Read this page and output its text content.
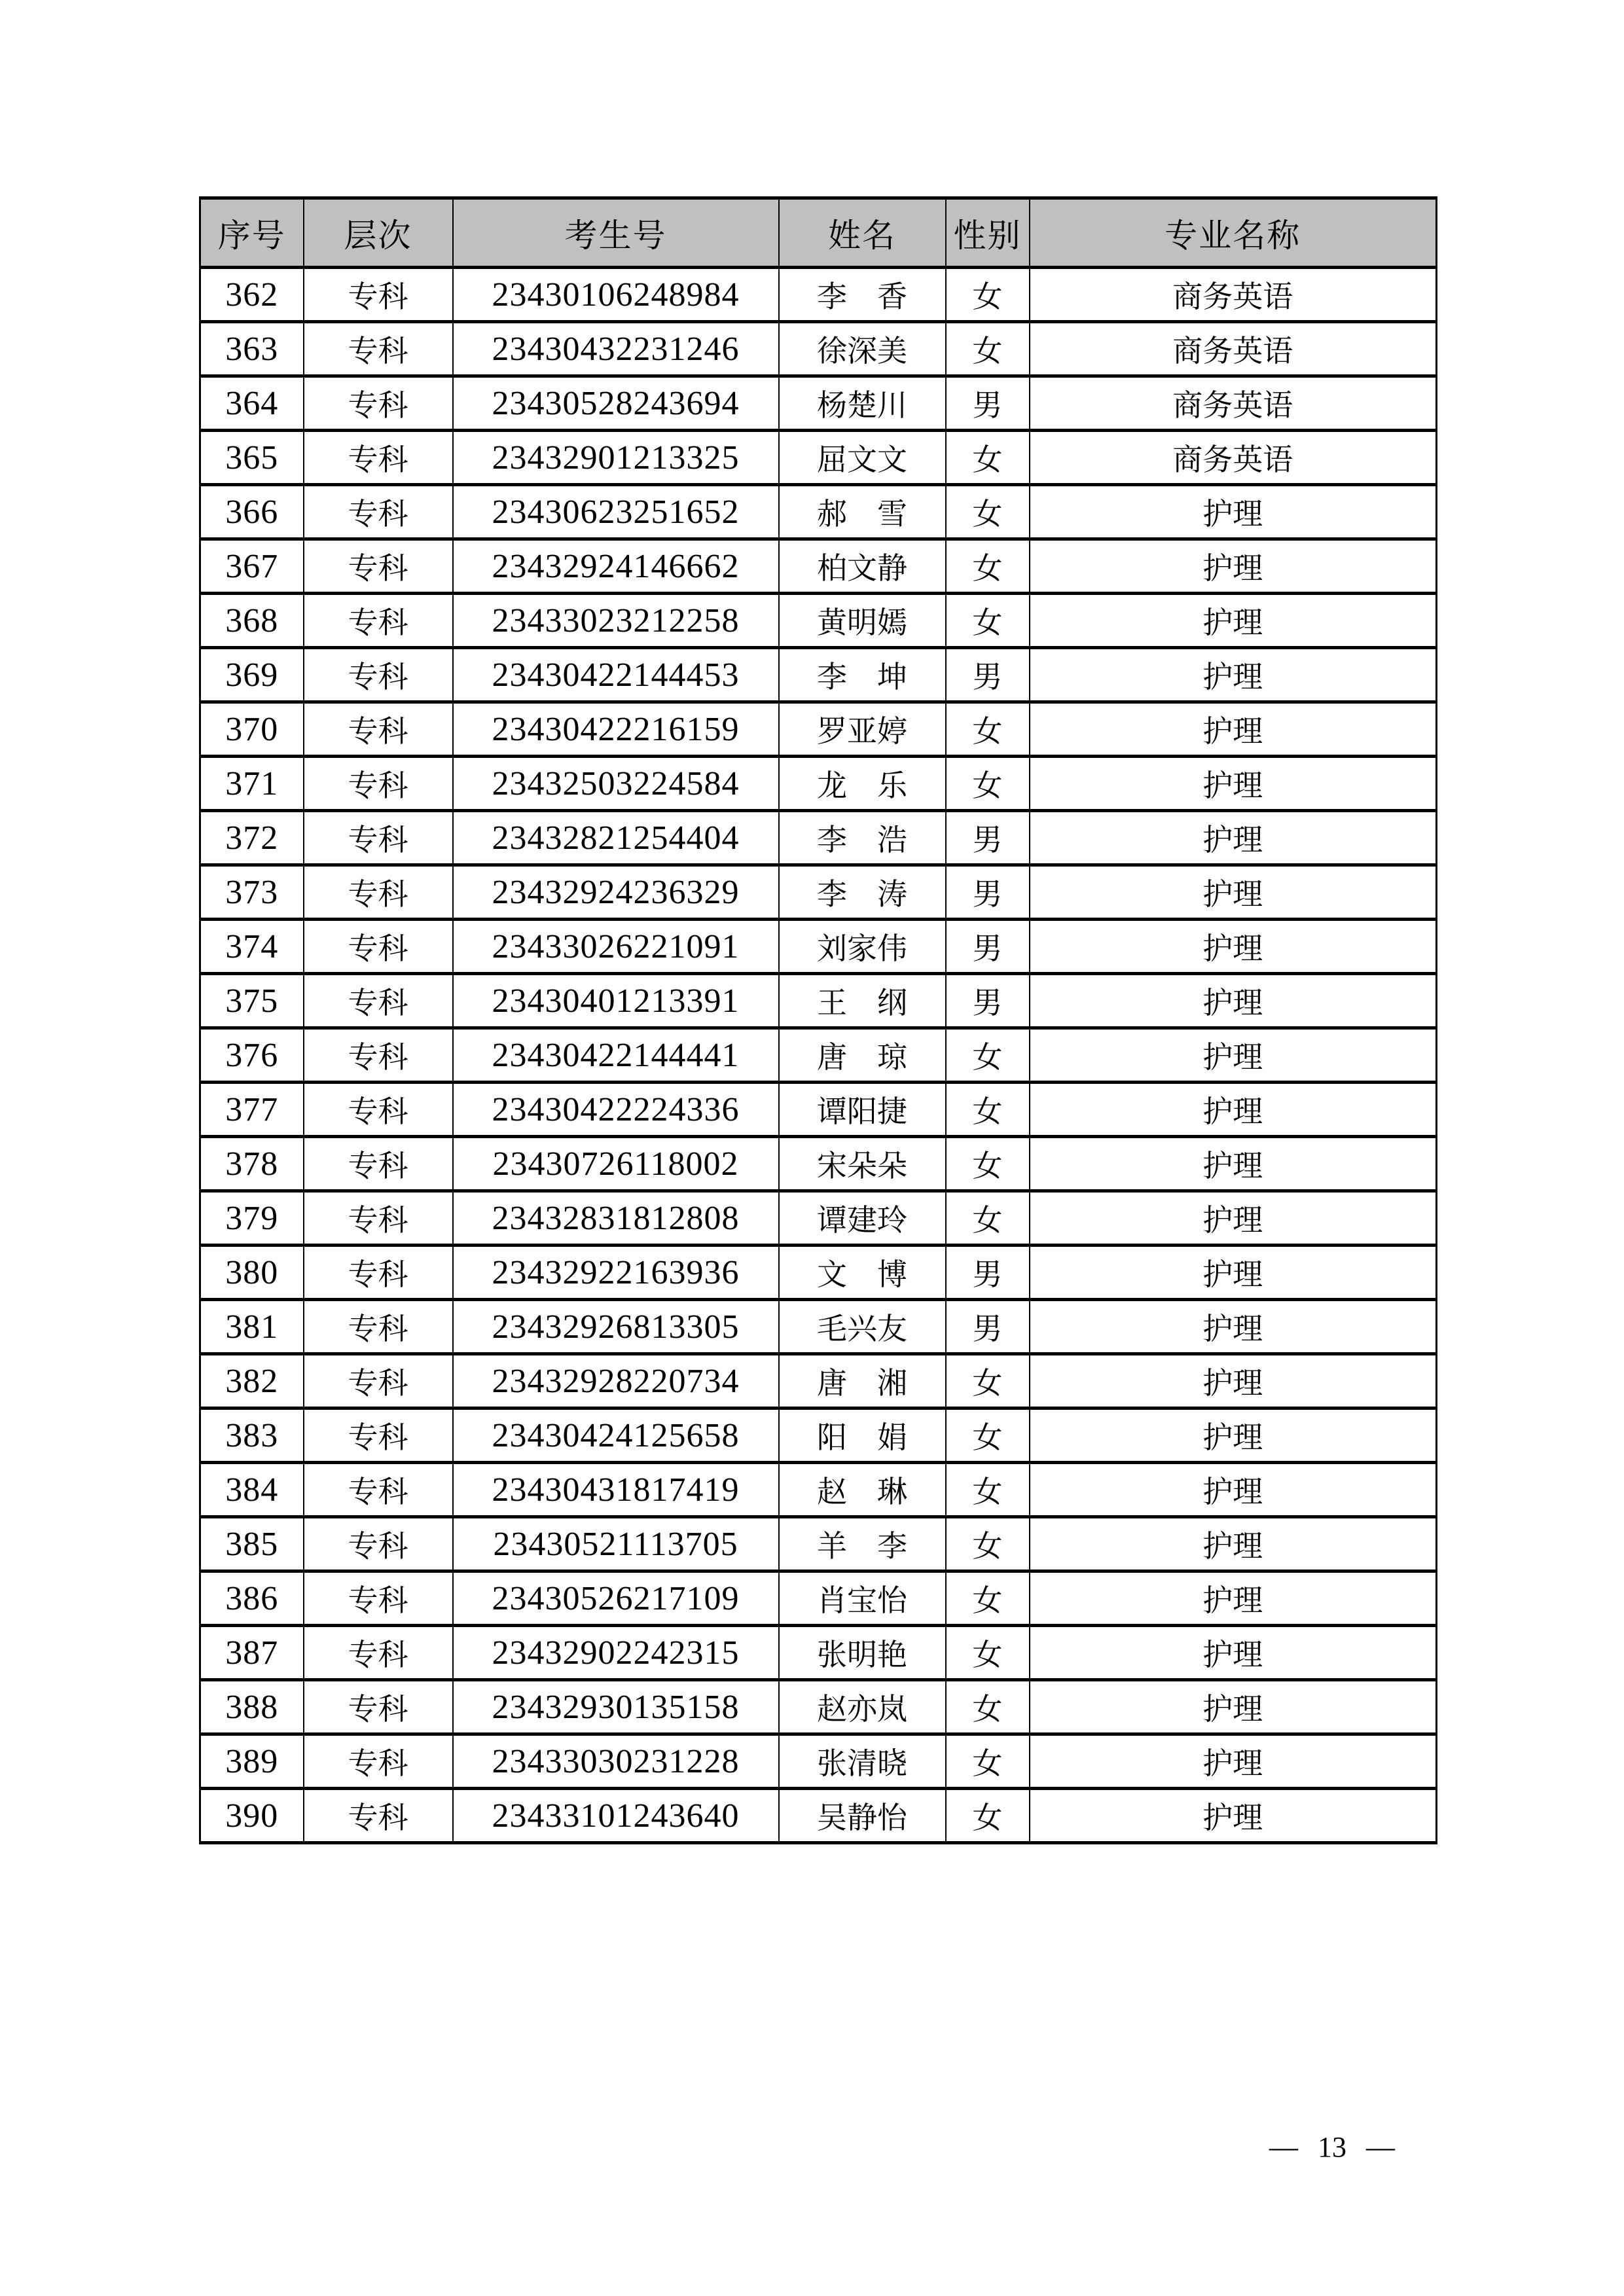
序号	层次	考生号	姓名	性别	专业名称
362	专科	23430106248984	李　香	女	商务英语
363	专科	23430432231246	徐深美	女	商务英语
364	专科	23430528243694	杨楚川	男	商务英语
365	专科	23432901213325	屈文文	女	商务英语
366	专科	23430623251652	郝　雪	女	护理
367	专科	23432924146662	柏文静	女	护理
368	专科	23433023212258	黄明嫣	女	护理
369	专科	23430422144453	李　坤	男	护理
370	专科	23430422216159	罗亚婷	女	护理
371	专科	23432503224584	龙　乐	女	护理
372	专科	23432821254404	李　浩	男	护理
373	专科	23432924236329	李　涛	男	护理
374	专科	23433026221091	刘家伟	男	护理
375	专科	23430401213391	王　纲	男	护理
376	专科	23430422144441	唐　琼	女	护理
377	专科	23430422224336	谭阳捷	女	护理
378	专科	23430726118002	宋朵朵	女	护理
379	专科	23432831812808	谭建玲	女	护理
380	专科	23432922163936	文　博	男	护理
381	专科	23432926813305	毛兴友	男	护理
382	专科	23432928220734	唐　湘	女	护理
383	专科	23430424125658	阳　娟	女	护理
384	专科	23430431817419	赵　琳	女	护理
385	专科	23430521113705	羊　李	女	护理
386	专科	23430526217109	肖宝怡	女	护理
387	专科	23432902242315	张明艳	女	护理
388	专科	23432930135158	赵亦岚	女	护理
389	专科	23433030231228	张清晓	女	护理
390	专科	23433101243640	吴静怡	女	护理
— 13 —
